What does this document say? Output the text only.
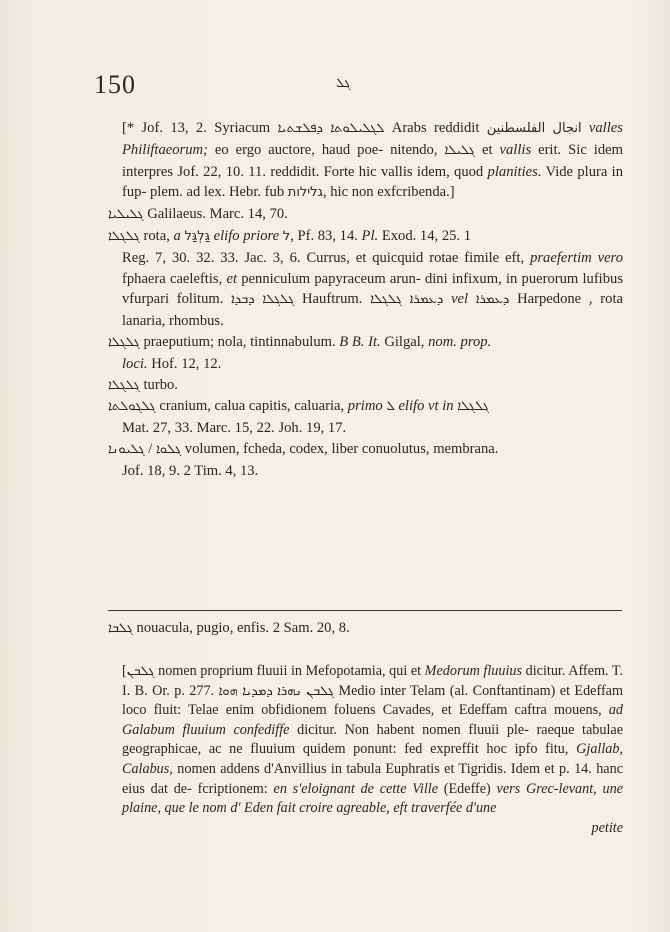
150	ܓܠ

[* Jof. 13, 2. Syriacum	ܠܓܠܝܠܘܬܐ ܕܦܠܫܬܝܐ	Arabs reddidit	انجال الفلسطنين	valles Philiftaeorum; eo ergo auctore, haud poe- nitendo, ܓܠܝܠܐ et vallis erit. Sic idem interpres Jof. 22, 10. 11. reddidit. Forte hic vallis idem, quod planities. Vide plura in fup- plem. ad lex. Hebr. fub גלילות, hic non exfcribenda.]

ܓܠܝܠܝܐ Galilaeus. Marc. 14, 70.

ܓܠܓܠܐ rota, a גַּלְגַּל elifo priore ל, Pf. 83, 14. Pl. Exod. 14, 25. 1
Reg. 7, 30. 32. 33. Jac. 3, 6. Currus, et quicquid rotae fimile eft, praefertim vero fphaera caeleftis, et penniculum papyraceum arun- dini infixum, in puerorum lufibus vfurpari folitum.	ܓܠܓܠܐ ܕܒܕܐ	Hauftrum.	ܕܥܡܪܐ ܓܠܓܠܐ	vel ܕܥܡܪܐ Harpedone , rota lanaria, rhombus.

ܓܠܓܠܐ praeputium; nola, tintinnabulum. B B. It. Gilgal, nom. prop.
loci. Hof. 12, 12.

ܓܠܓܠܐ turbo.

ܓܠܓܘܠܬܐ cranium, calua capitis, caluaria, primo ܠ elifo vt in ܓܠܓܠܐ
Mat. 27, 33. Marc. 15, 22. Joh. 19, 17.

ܓܠܘܐ / ܓܠܝܘܢܐ	volumen, fcheda, codex, liber conuolutus, membrana.
Jof. 18, 9. 2 Tim. 4, 13.

ܓܠܒܐ nouacula, pugio, enfis. 2 Sam. 20, 8.

[ܓܠܒܢ nomen proprium fluuii in Mefopotamia, qui et Medorum fluuius dicitur. Affem. T. I. B. Or. p. 277.	ܓܠܒܢ ܢܗܪܐ ܕܡܕܝܐ ܗܘܐ	Medio inter Telam (al. Conftantinam) et Edeffam loco fluit: Telae enim obfidionem foluens Cavades, et Edeffam caftra mouens, ad Galabum fluuium confediffe dicitur. Non habent nomen fluuii ple- raeque tabulae geographicae, ac ne fluuium quidem ponunt: fed expreffit hoc ipfo fitu, Gjallab, Calabus, nomen addens d'Anvillius in tabula Euphratis et Tigridis. Idem et p. 14. hanc eius dat de- fcriptionem: en s'eloignant de cette Ville (Edeffe) vers Grec-levant, une plaine, que le nom d' Eden fait croire agreable, eft traverfée d'une

petite
